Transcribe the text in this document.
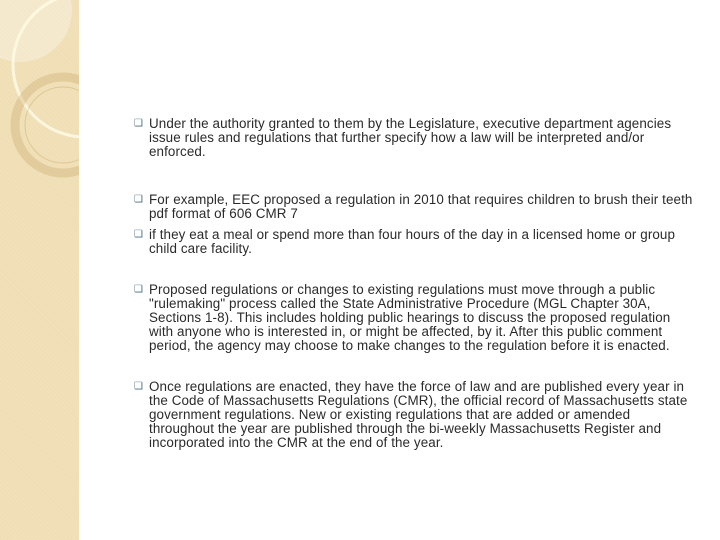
❏ Under the authority granted to them by the Legislature, executive department agencies issue rules and regulations that further specify how a law will be interpreted and/or enforced.
❏ For example, EEC proposed a regulation in 2010 that requires children to brush their teeth pdf format of 606 CMR 7
❏ if they eat a meal or spend more than four hours of the day in a licensed home or group child care facility.
❏ Proposed regulations or changes to existing regulations must move through a public "rulemaking" process called the State Administrative Procedure (MGL Chapter 30A, Sections 1-8). This includes holding public hearings to discuss the proposed regulation with anyone who is interested in, or might be affected, by it. After this public comment period, the agency may choose to make changes to the regulation before it is enacted.
❏ Once regulations are enacted, they have the force of law and are published every year in the Code of Massachusetts Regulations (CMR), the official record of Massachusetts state government regulations. New or existing regulations that are added or amended throughout the year are published through the bi-weekly Massachusetts Register and incorporated into the CMR at the end of the year.
